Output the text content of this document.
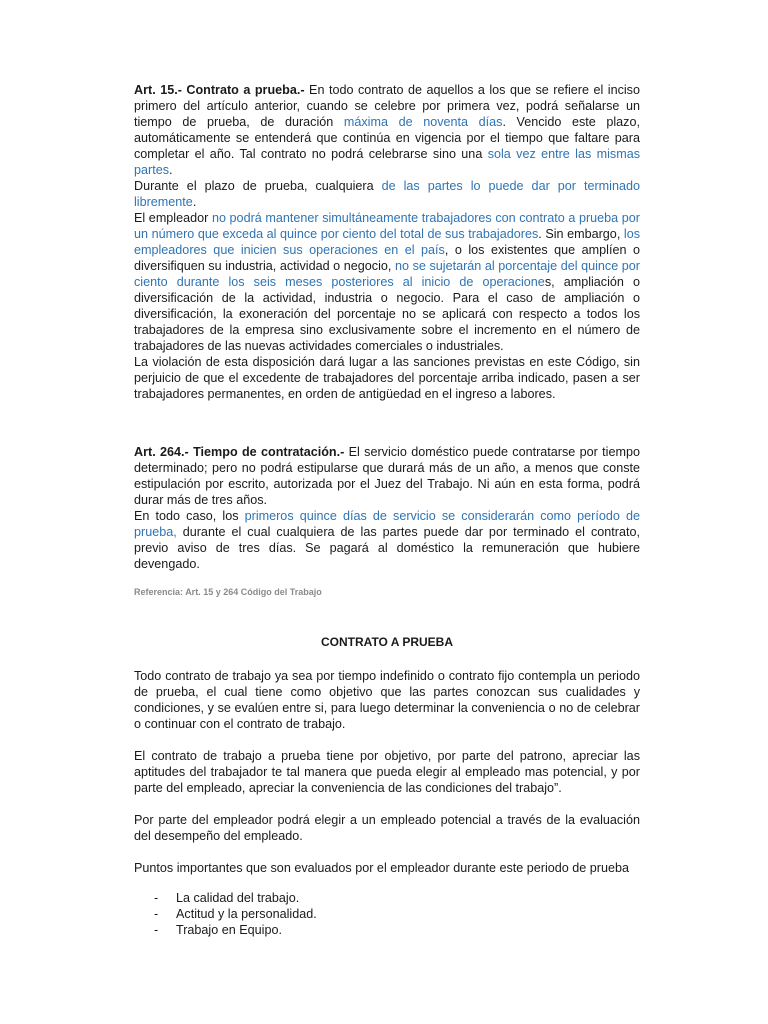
Art. 15.- Contrato a prueba.- En todo contrato de aquellos a los que se refiere el inciso primero del artículo anterior, cuando se celebre por primera vez, podrá señalarse un tiempo de prueba, de duración máxima de noventa días. Vencido este plazo, automáticamente se entenderá que continúa en vigencia por el tiempo que faltare para completar el año. Tal contrato no podrá celebrarse sino una sola vez entre las mismas partes.

Durante el plazo de prueba, cualquiera de las partes lo puede dar por terminado libremente.

El empleador no podrá mantener simultáneamente trabajadores con contrato a prueba por un número que exceda al quince por ciento del total de sus trabajadores. Sin embargo, los empleadores que inicien sus operaciones en el país, o los existentes que amplíen o diversifiquen su industria, actividad o negocio, no se sujetarán al porcentaje del quince por ciento durante los seis meses posteriores al inicio de operaciones, ampliación o diversificación de la actividad, industria o negocio. Para el caso de ampliación o diversificación, la exoneración del porcentaje no se aplicará con respecto a todos los trabajadores de la empresa sino exclusivamente sobre el incremento en el número de trabajadores de las nuevas actividades comerciales o industriales.

La violación de esta disposición dará lugar a las sanciones previstas en este Código, sin perjuicio de que el excedente de trabajadores del porcentaje arriba indicado, pasen a ser trabajadores permanentes, en orden de antigüedad en el ingreso a labores.

Art. 264.- Tiempo de contratación.- El servicio doméstico puede contratarse por tiempo determinado; pero no podrá estipularse que durará más de un año, a menos que conste estipulación por escrito, autorizada por el Juez del Trabajo. Ni aún en esta forma, podrá durar más de tres años.

En todo caso, los primeros quince días de servicio se considerarán como período de prueba, durante el cual cualquiera de las partes puede dar por terminado el contrato, previo aviso de tres días. Se pagará al doméstico la remuneración que hubiere devengado.

Referencia: Art. 15 y 264 Código del Trabajo
CONTRATO A PRUEBA

Todo contrato de trabajo ya sea por tiempo indefinido o contrato fijo contempla un periodo de prueba, el cual tiene como objetivo que las partes conozcan sus cualidades y condiciones, y se evalúen entre si, para luego determinar la conveniencia o no de celebrar o continuar con el contrato de trabajo.

El contrato de trabajo a prueba tiene por objetivo, por parte del patrono, apreciar las aptitudes del trabajador te tal manera que pueda elegir al empleado mas potencial, y por parte del empleado, apreciar la conveniencia de las condiciones del trabajo”.

Por parte del empleador podrá elegir a un empleado potencial a través de la evaluación del desempeño del empleado.

Puntos importantes que son evaluados por el empleador durante este periodo de prueba

- La calidad del trabajo.
- Actitud y la personalidad.
- Trabajo en Equipo.
